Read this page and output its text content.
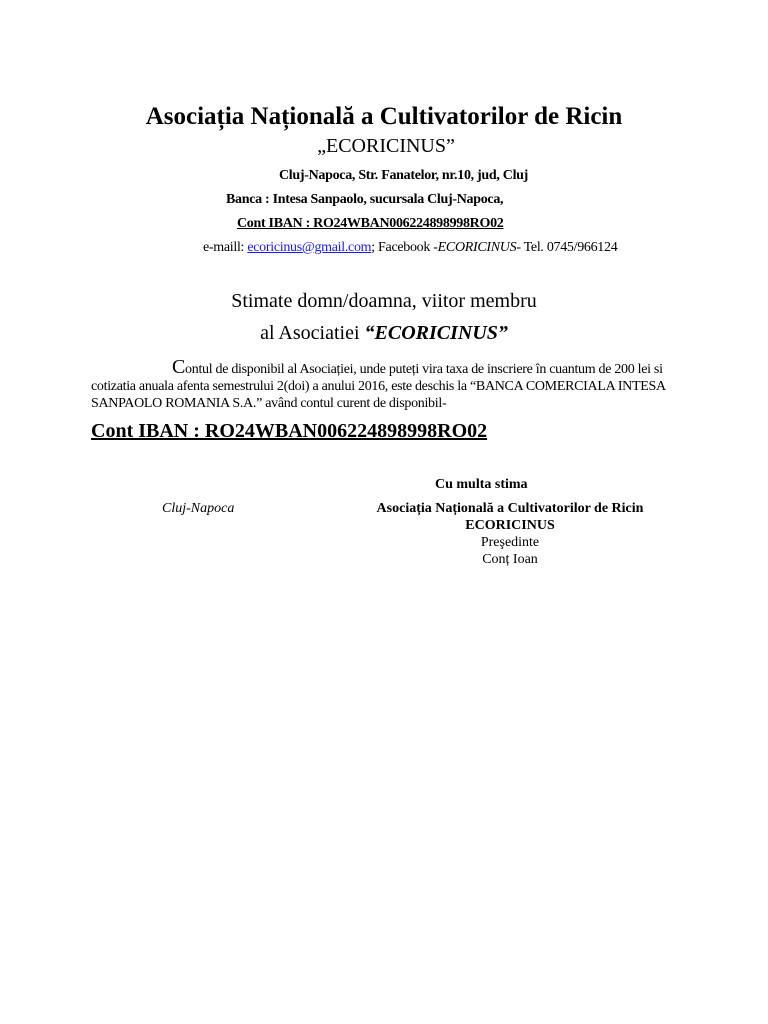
Asociația Națională a Cultivatorilor de Ricin
„ECORICINUS”
Cluj-Napoca, Str. Fanatelor, nr.10, jud, Cluj
Banca : Intesa Sanpaolo, sucursala Cluj-Napoca,
Cont IBAN : RO24WBAN006224898998RO02
e-maill: ecoricinus@gmail.com; Facebook -ECORICINUS- Tel. 0745/966124
Stimate domn/doamna, viitor membru
al Asociatiei “ECORICINUS”
Contul de disponibil al Asociației, unde puteți vira taxa de inscriere în cuantum de 200 lei si cotizatia anuala afenta semestrului 2(doi) a anului 2016, este deschis la “BANCA COMERCIALA INTESA SANPAOLO ROMANIA S.A.” având contul curent de disponibil-
Cont IBAN : RO24WBAN006224898998RO02
Cu multa stima
Cluj-Napoca	Asociația Națională a Cultivatorilor de Ricin
ECORICINUS
Preşedinte
Conț Ioan
